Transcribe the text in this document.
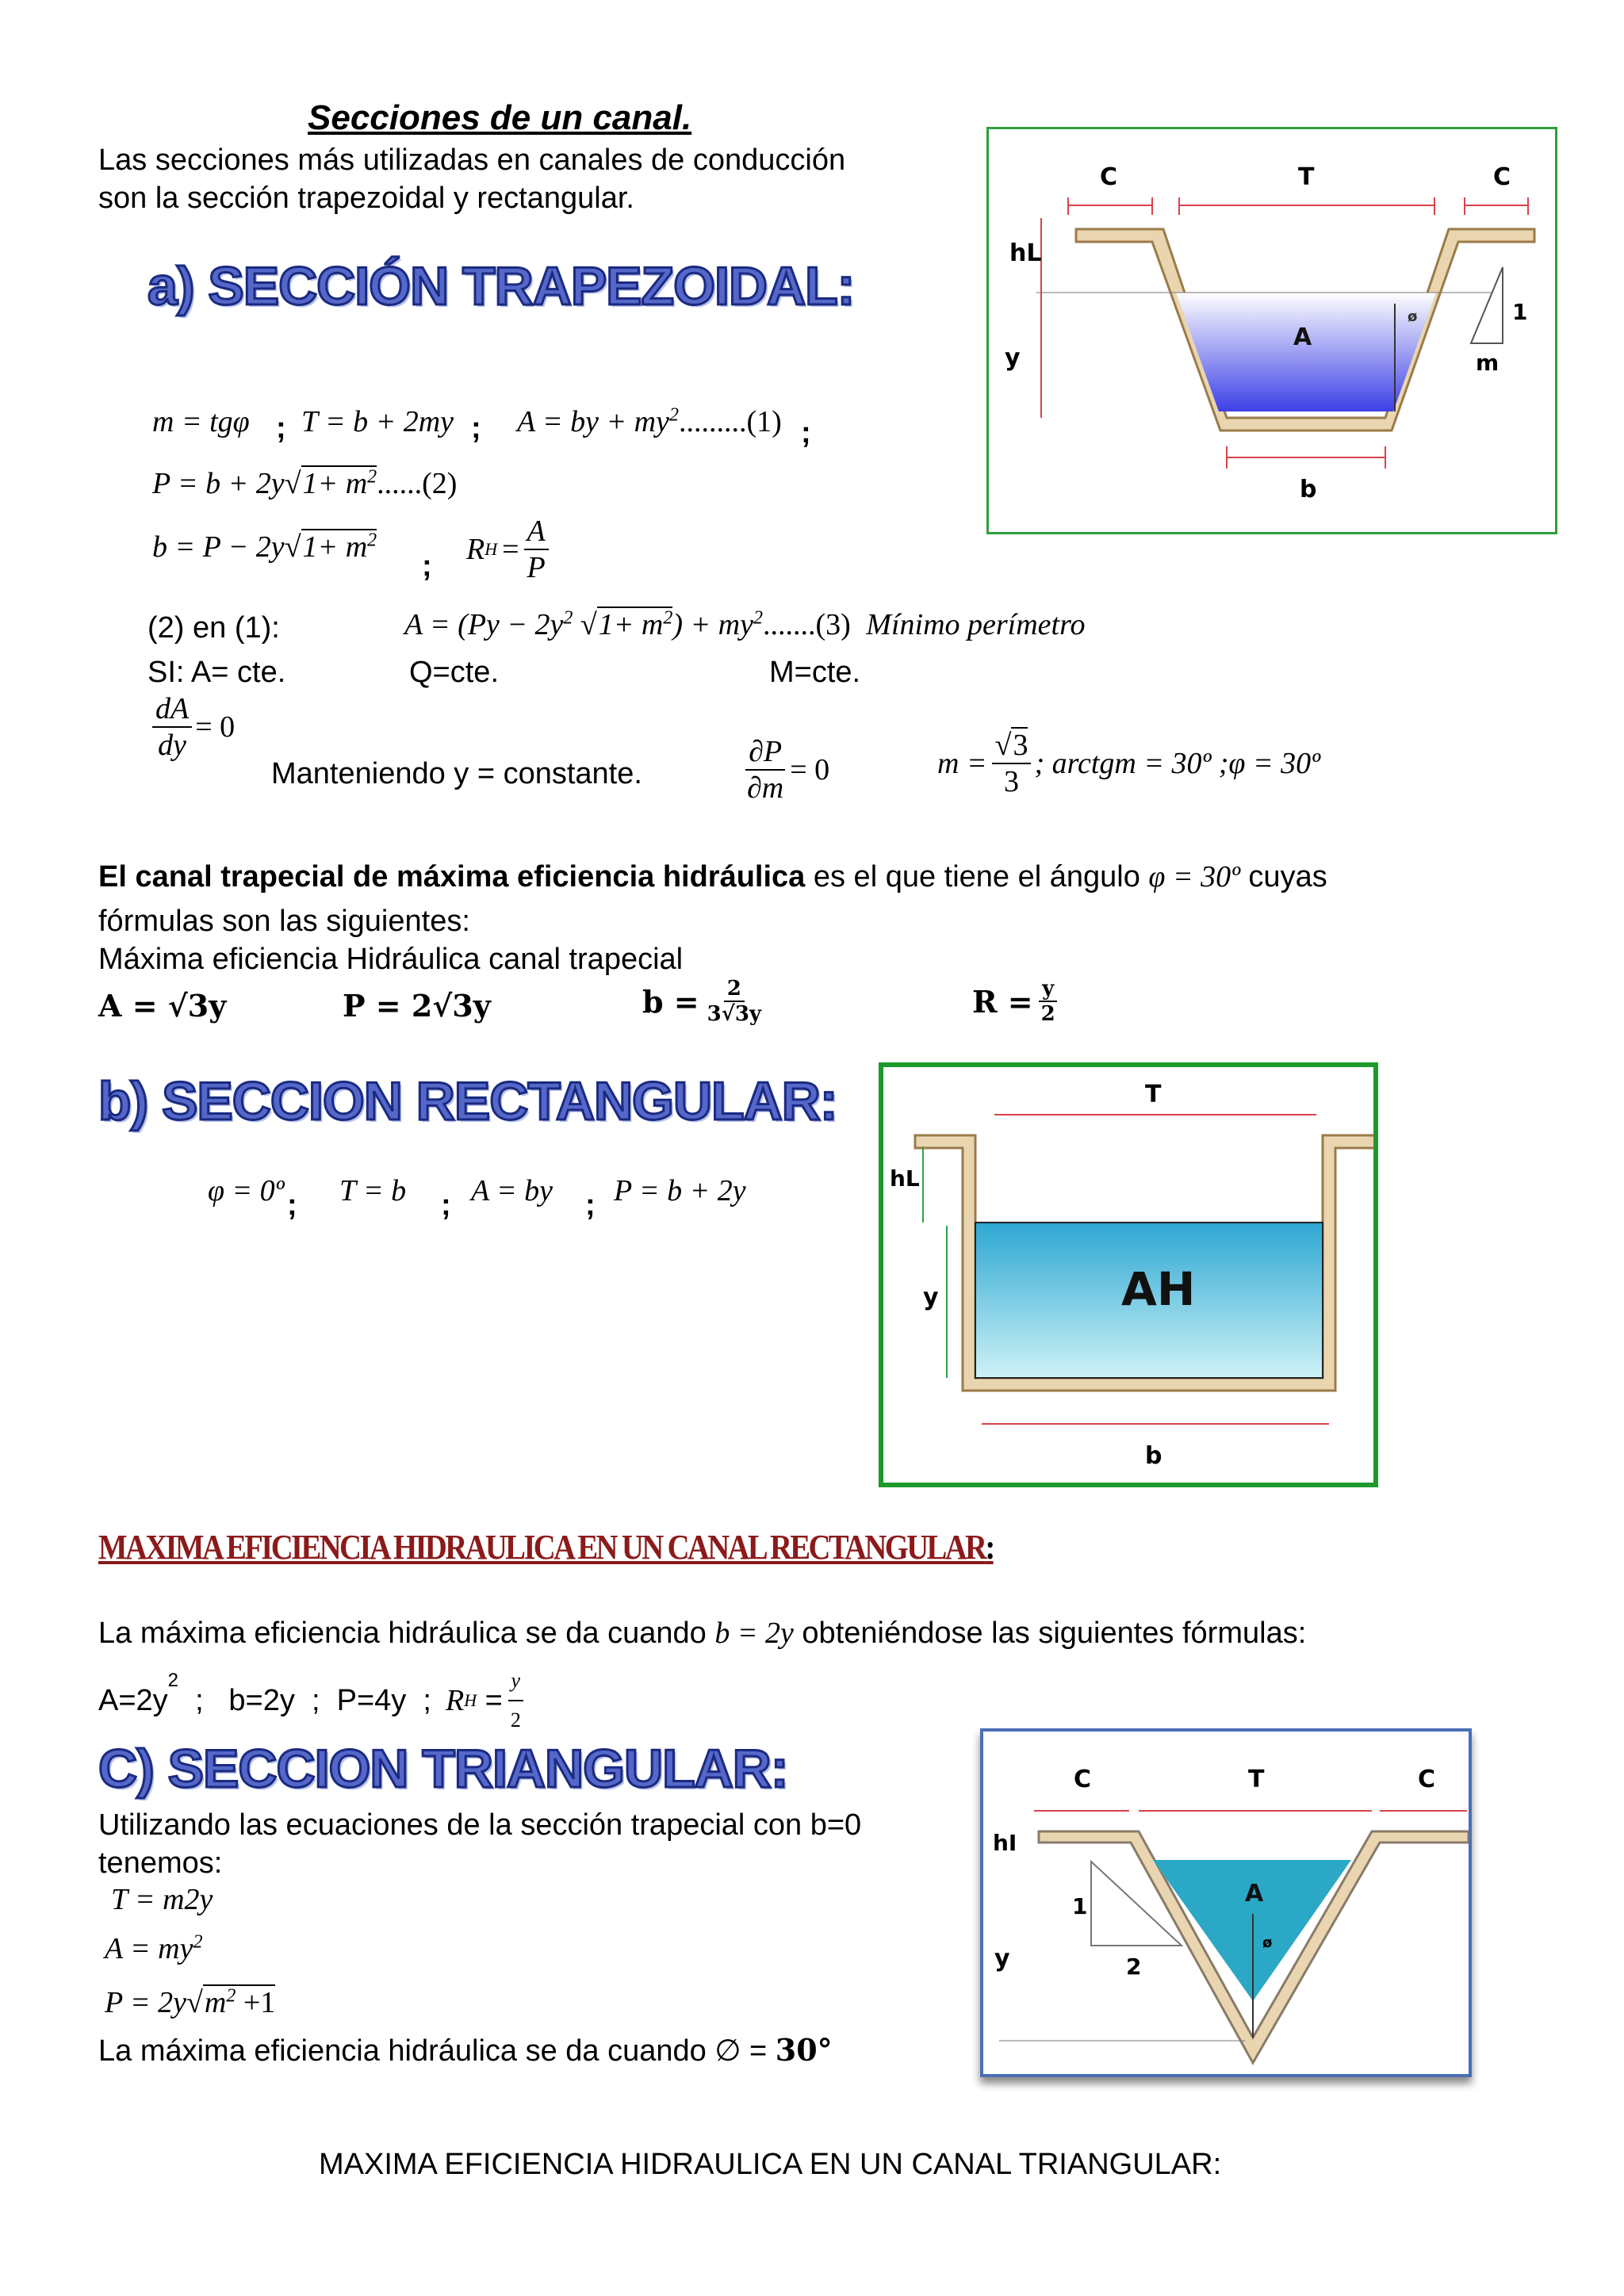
Secciones de un canal.
Las secciones más utilizadas en canales de conducción
son la sección trapezoidal y rectangular.
a) SECCIÓN TRAPEZOIDAL:
m = tgφ ; T = b + 2my ; A = by + $my^2.........(1)$ ;
$P = b + 2y√1+ m^2......(2)$
$b = P - 2y√1+ m^2$
; R $H = \frac{A}{P}$
(2) en (1):	$A = (Py - 2y^2$ $√1+ m^2) + my^2.......(3)$ Mínimo perímetro
SI: A= cte.	Q=cte.	M=cte.
$\frac{dA}{dy} = 0$
Manteniendo y = constante.	$\frac{\partial P}{\partial m} = 0$	$m = \frac{√3}{3}$ ; arctgm = 30º ;φ = 30º
El canal trapecial de máxima eficiencia hidráulica es el que tiene el ángulo φ = 30º cuyas
fórmulas son las siguientes:
Máxima eficiencia Hidráulica canal trapecial
A = √3y	P = 2√3y	$b = \frac{2}{3√3y}$	$R = \frac{y}{2}$
b) SECCION RECTANGULAR:
φ = 0º ; T = b ; A = by ; P = b + 2y
MAXIMA EFICIENCIA HIDRAULICA EN UN CANAL RECTANGULAR:
La máxima eficiencia hidráulica se da cuando b = 2y obteniéndose las siguientes fórmulas:
A=2y
$^2$
;   b=2y  ;  P=4y  ; R $H = \frac{y}{2}$
C) SECCION TRIANGULAR:
Utilizando las ecuaciones de la sección trapecial con b=0
tenemos:
T = m2y
$A = my^2$
$P = 2y√m^2 +1$
La máxima eficiencia hidráulica se da cuando ∅ = 30°
MAXIMA EFICIENCIA HIDRAULICA EN UN CANAL TRIANGULAR:
C	T	C
hL
y
A
ø	1
m
b
T
hL
y	AH
b
C	T	C
hI
y
A
ø
1
2
